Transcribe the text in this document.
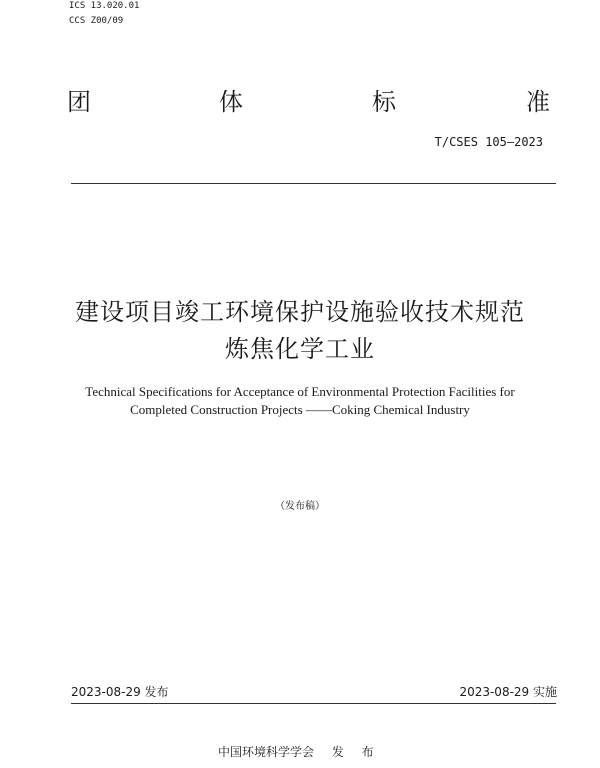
ICS 13.020.01
CCS Z00/09
团	体	标	准
T/CSES 105—2023
建设项目竣工环境保护设施验收技术规范
炼焦化学工业
Technical Specifications for Acceptance of Environmental Protection Facilities for
Completed Construction Projects ——Coking Chemical Industry
（发布稿）
2023-08-29 发布	2023-08-29 实施
中国环境科学学会 发 布
